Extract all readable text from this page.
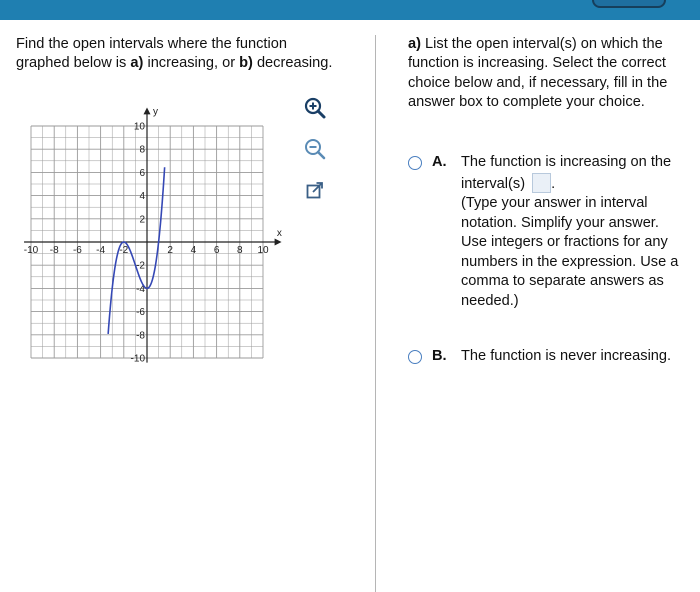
Find the open intervals where the function graphed below is a) increasing, or b) decreasing.
x
y
-10 -8 -6 -4 -2	2 4 6 8 10
10
8
6
4
2
-2
-4
-6
-8
-10
a) List the open interval(s) on which the function is increasing. Select the correct choice below and, if necessary, fill in the answer box to complete your choice.
A. The function is increasing on the interval(s) .
(Type your answer in interval notation. Simplify your answer. Use integers or fractions for any numbers in the expression. Use a comma to separate answers as needed.)
B. The function is never increasing.
